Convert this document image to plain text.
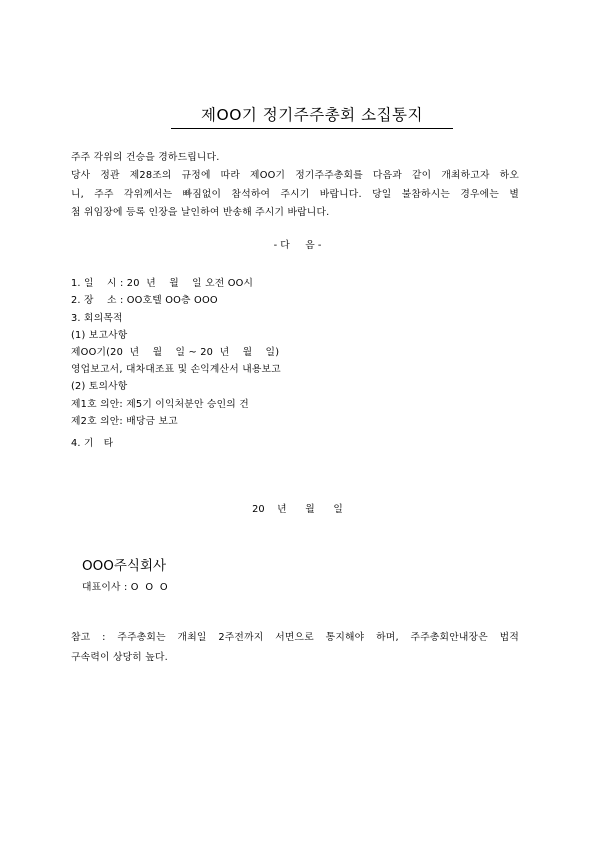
제OO기 정기주주총회 소집통지
주주 각위의 건승을 경하드립니다.
당사 정관 제28조의 규정에 따라 제OO기 정기주주총회를 다음과 같이 개최하고자 하오
니, 주주 각위께서는 빠짐없이 참석하여 주시기 바랍니다. 당일 불참하시는 경우에는 별
첨 위임장에 등록 인장을 날인하여 반송해 주시기 바랍니다.
- 다     음 -
1. 일    시 : 20  년    월    일 오전 OO시
2. 장    소 : OO호텔 OO층 OOO
3. 회의목적
(1) 보고사항
제OO기(20  년    월    일 ~ 20  년    월    일)
영업보고서, 대차대조표 및 손익계산서 내용보고
(2) 토의사항
제1호 의안: 제5기 이익처분안 승인의 건
제2호 의안: 배당금 보고
4. 기   타
20    년      월      일
OOO주식회사
대표이사 : O  O  O
참고 : 주주총회는 개최일 2주전까지 서면으로 통지해야 하며, 주주총회안내장은 법적
구속력이 상당히 높다.
